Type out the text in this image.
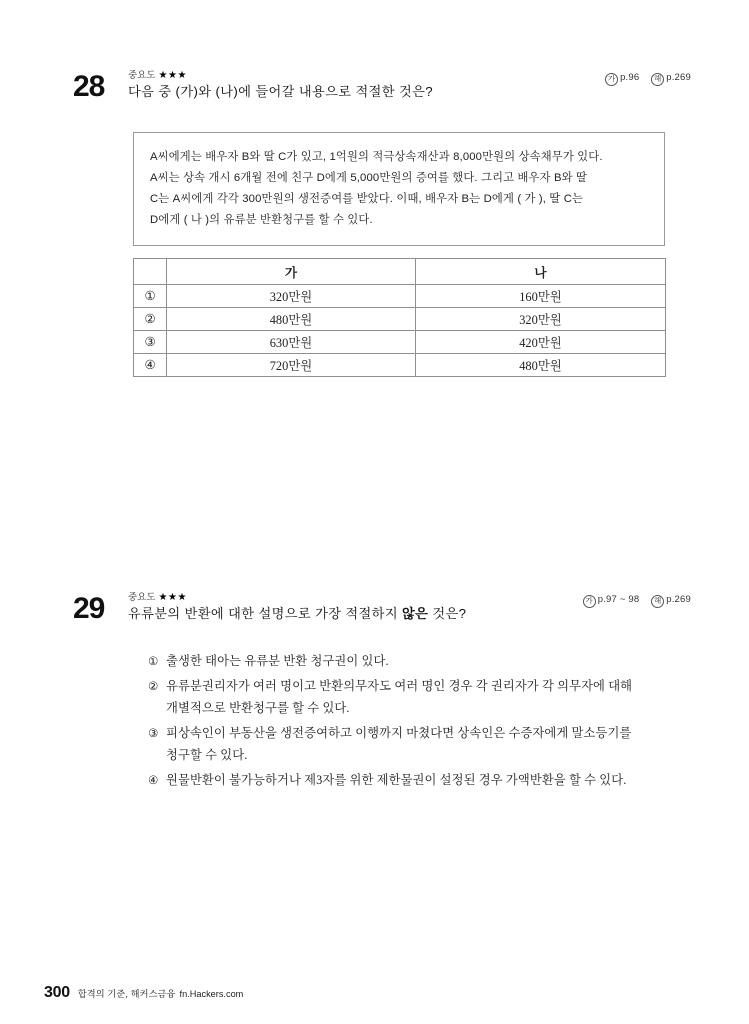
28 중요도 ★★★
다음 중 (가)와 (나)에 들어갈 내용으로 적절한 것은?
가 p.96 해 p.269
A씨에게는 배우자 B와 딸 C가 있고, 1억원의 적극상속재산과 8,000만원의 상속채무가 있다.
A씨는 상속 개시 6개월 전에 친구 D에게 5,000만원의 증여를 했다. 그리고 배우자 B와 딸
C는 A씨에게 각각 300만원의 생전증여를 받았다. 이때, 배우자 B는 D에게 ( 가 ), 딸 C는
D에게 ( 나 )의 유류분 반환청구를 할 수 있다.
	가	나
①	320만원	160만원
②	480만원	320만원
③	630만원	420만원
④	720만원	480만원
29 중요도 ★★★
유류분의 반환에 대한 설명으로 가장 적절하지 않은 것은?
가 p.97 ~ 98 해 p.269
① 출생한 태아는 유류분 반환 청구권이 있다.
② 유류분권리자가 여러 명이고 반환의무자도 여러 명인 경우 각 권리자가 각 의무자에 대해
개별적으로 반환청구를 할 수 있다.
③ 피상속인이 부동산을 생전증여하고 이행까지 마쳤다면 상속인은 수증자에게 말소등기를
청구할 수 있다.
④ 원물반환이 불가능하거나 제3자를 위한 제한물권이 설정된 경우 가액반환을 할 수 있다.
300 합격의 기준, 해커스금융 fn.Hackers.com
